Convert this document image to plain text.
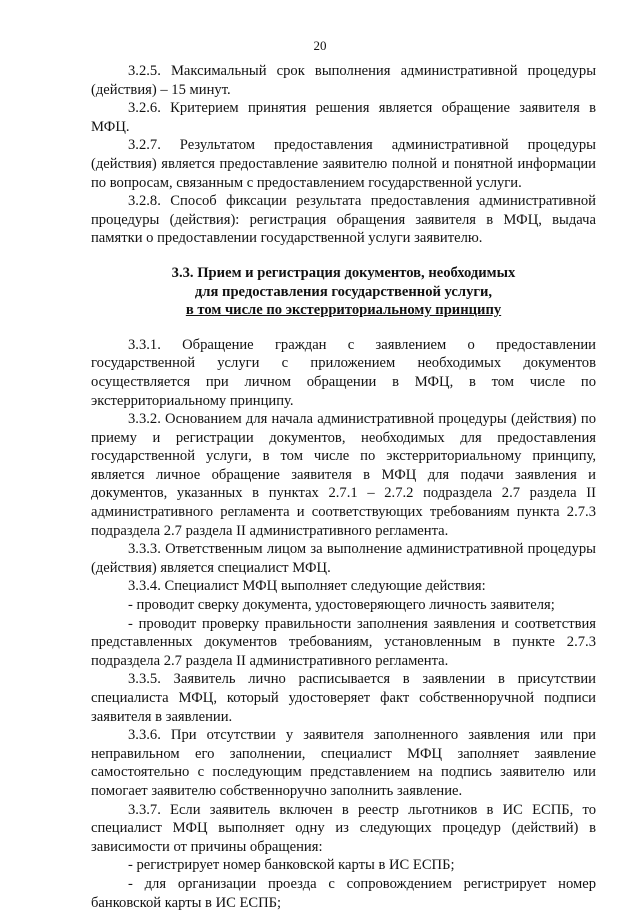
20

3.2.5. Максимальный срок выполнения административной процедуры (действия) – 15 минут.

3.2.6. Критерием принятия решения является обращение заявителя в МФЦ.

3.2.7. Результатом предоставления административной процедуры (действия) является предоставление заявителю полной и понятной информации по вопросам, связанным с предоставлением государственной услуги.

3.2.8. Способ фиксации результата предоставления административной процедуры (действия): регистрация обращения заявителя в МФЦ, выдача памятки о предоставлении государственной услуги заявителю.

3.3. Прием и регистрация документов, необходимых
для предоставления государственной услуги,
в том числе по экстерриториальному принципу

3.3.1. Обращение граждан с заявлением о предоставлении государственной услуги с приложением необходимых документов осуществляется при личном обращении в МФЦ, в том числе по экстерриториальному принципу.

3.3.2. Основанием для начала административной процедуры (действия) по приему и регистрации документов, необходимых для предоставления государственной услуги, в том числе по экстерриториальному принципу, является личное обращение заявителя в МФЦ для подачи заявления и документов, указанных в пунктах 2.7.1 – 2.7.2 подраздела 2.7 раздела II административного регламента и соответствующих требованиям пункта 2.7.3 подраздела 2.7 раздела II административного регламента.

3.3.3. Ответственным лицом за выполнение административной процедуры (действия) является специалист МФЦ.

3.3.4. Специалист МФЦ выполняет следующие действия:

- проводит сверку документа, удостоверяющего личность заявителя;

- проводит проверку правильности заполнения заявления и соответствия представленных документов требованиям, установленным в пункте 2.7.3 подраздела 2.7 раздела II административного регламента.

3.3.5. Заявитель лично расписывается в заявлении в присутствии специалиста МФЦ, который удостоверяет факт собственноручной подписи заявителя в заявлении.

3.3.6. При отсутствии у заявителя заполненного заявления или при неправильном его заполнении, специалист МФЦ заполняет заявление самостоятельно с последующим представлением на подпись заявителю или помогает заявителю собственноручно заполнить заявление.

3.3.7. Если заявитель включен в реестр льготников в ИС ЕСПБ, то специалист МФЦ выполняет одну из следующих процедур (действий) в зависимости от причины обращения:

- регистрирует номер банковской карты в ИС ЕСПБ;

- для организации проезда с сопровождением регистрирует номер банковской карты в ИС ЕСПБ;
